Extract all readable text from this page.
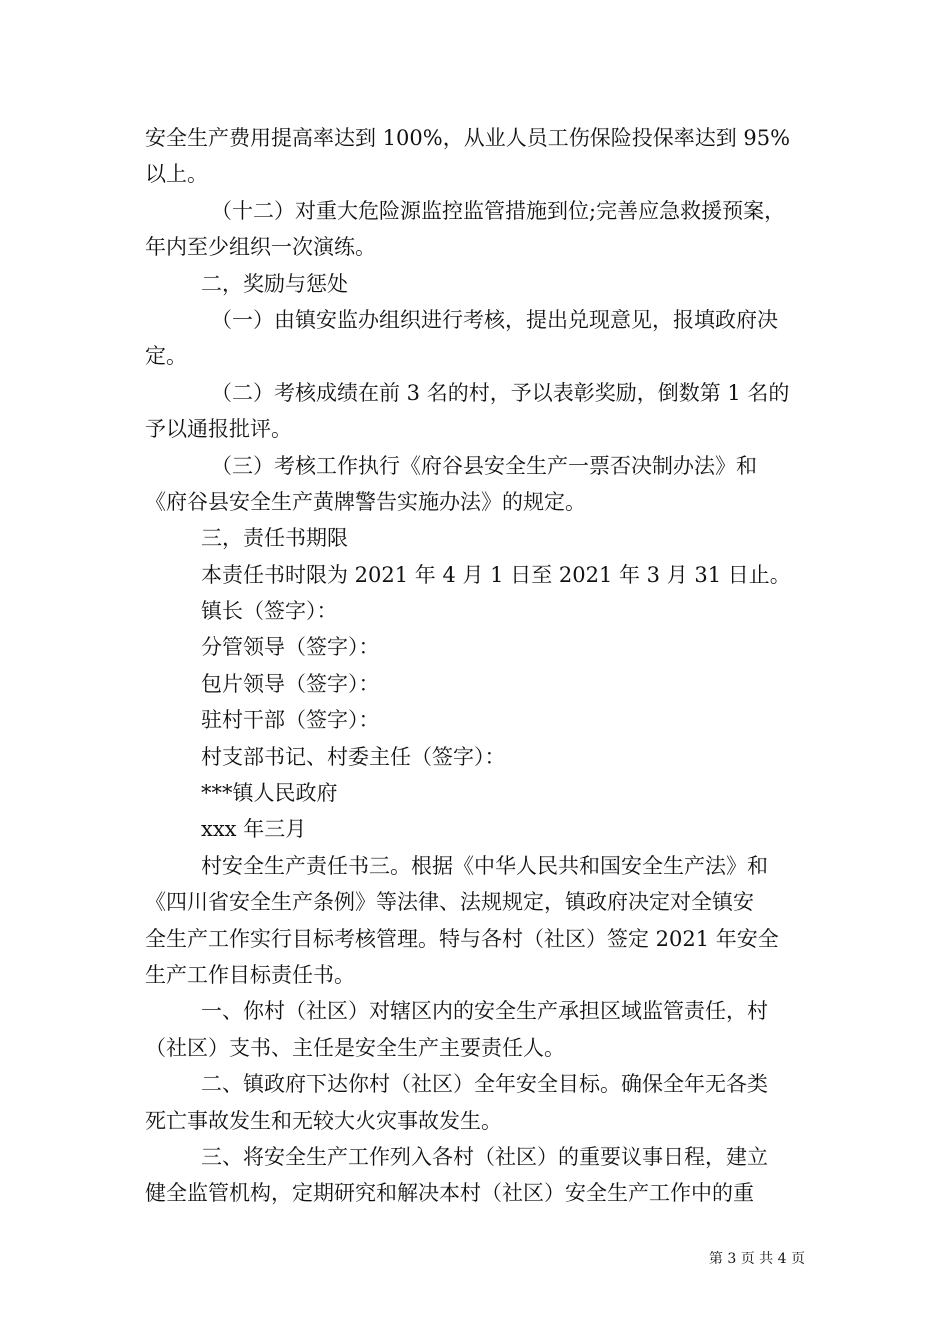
安全生产费用提高率达到 100%，从业人员工伤保险投保率达到 95%
以上。
（十二）对重大危险源监控监管措施到位;完善应急救援预案，
年内至少组织一次演练。
二，奖励与惩处
（一）由镇安监办组织进行考核，提出兑现意见，报填政府决
定。
（二）考核成绩在前 3 名的村，予以表彰奖励，倒数第 1 名的
予以通报批评。
（三）考核工作执行《府谷县安全生产一票否决制办法》和
《府谷县安全生产黄牌警告实施办法》的规定。
三，责任书期限
本责任书时限为 2021 年 4 月 1 日至 2021 年 3 月 31 日止。
镇长（签字）：
分管领导（签字）：
包片领导（签字）：
驻村干部（签字）：
村支部书记、村委主任（签字）：
***镇人民政府
xxx 年三月
村安全生产责任书三。根据《中华人民共和国安全生产法》和
《四川省安全生产条例》等法律、法规规定，镇政府决定对全镇安
全生产工作实行目标考核管理。特与各村（社区）签定 2021 年安全
生产工作目标责任书。
一、你村（社区）对辖区内的安全生产承担区域监管责任，村
（社区）支书、主任是安全生产主要责任人。
二、镇政府下达你村（社区）全年安全目标。确保全年无各类
死亡事故发生和无较大火灾事故发生。
三、将安全生产工作列入各村（社区）的重要议事日程，建立
健全监管机构，定期研究和解决本村（社区）安全生产工作中的重
第 3 页 共 4 页
